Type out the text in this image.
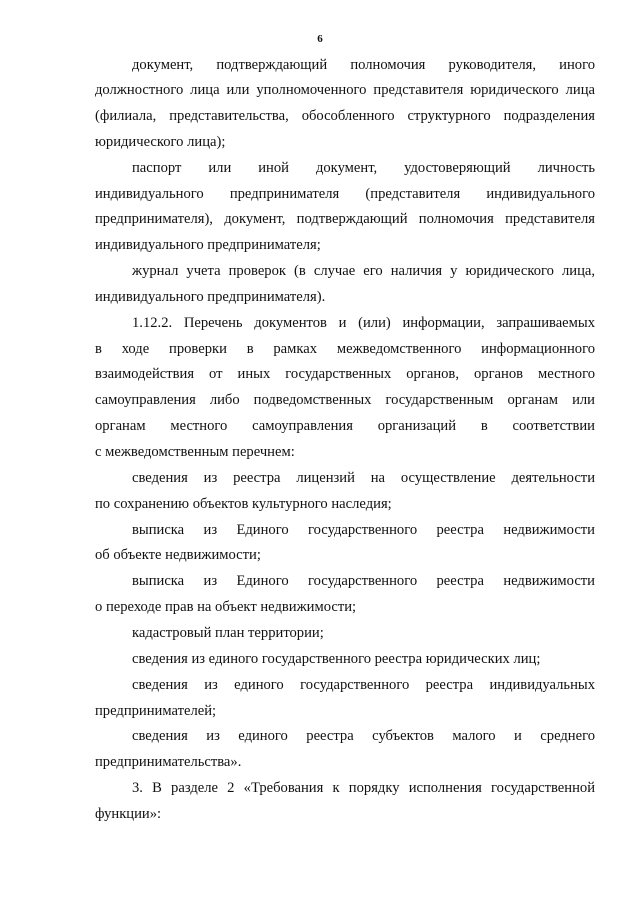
6
документ, подтверждающий полномочия руководителя, иного
должностного лица или уполномоченного представителя юридического лица
(филиала, представительства, обособленного структурного подразделения
юридического лица);
паспорт или иной документ, удостоверяющий личность
индивидуального предпринимателя (представителя индивидуального
предпринимателя), документ, подтверждающий полномочия представителя
индивидуального предпринимателя;
журнал учета проверок (в случае его наличия у юридического лица,
индивидуального предпринимателя).
1.12.2. Перечень документов и (или) информации, запрашиваемых
в ходе проверки в рамках межведомственного информационного
взаимодействия от иных государственных органов, органов местного
самоуправления либо подведомственных государственным органам или
органам местного самоуправления организаций в соответствии
с межведомственным перечнем:
сведения из реестра лицензий на осуществление деятельности
по сохранению объектов культурного наследия;
выписка из Единого государственного реестра недвижимости
об объекте недвижимости;
выписка из Единого государственного реестра недвижимости
о переходе прав на объект недвижимости;
кадастровый план территории;
сведения из единого государственного реестра юридических лиц;
сведения из единого государственного реестра индивидуальных
предпринимателей;
сведения из единого реестра субъектов малого и среднего
предпринимательства».
3. В разделе 2 «Требования к порядку исполнения государственной
функции»:
